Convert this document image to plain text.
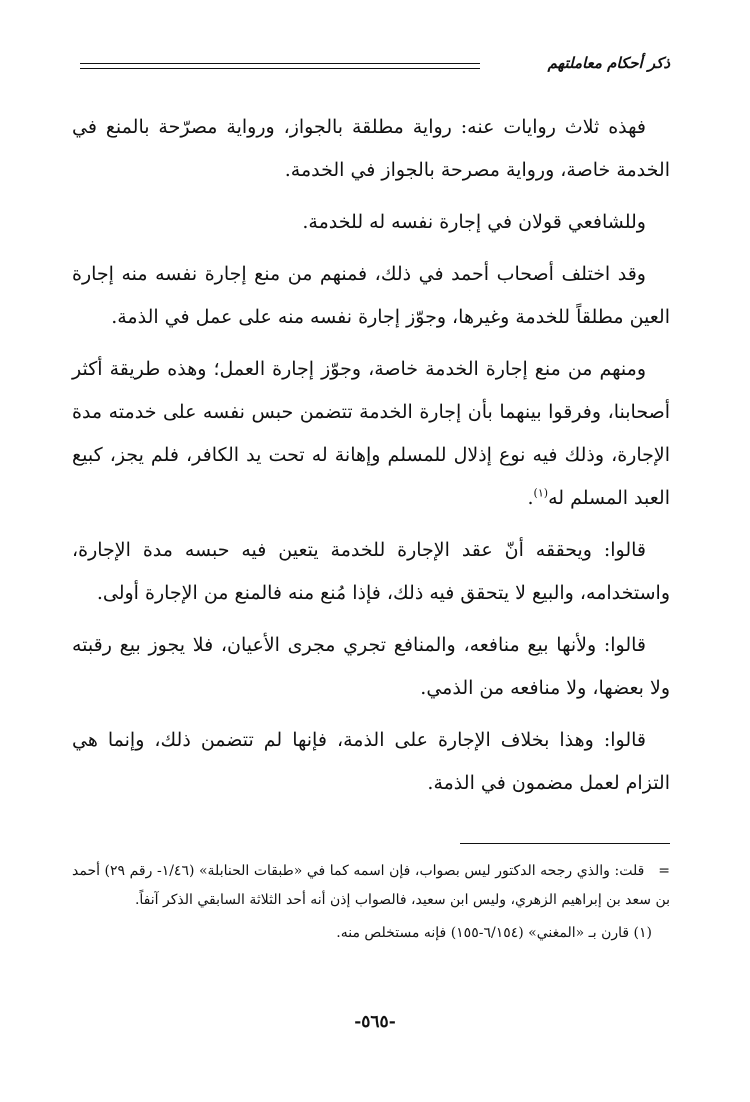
ذكر أحكام معاملتهم

فهذه ثلاث روايات عنه: رواية مطلقة بالجواز، ورواية مصرّحة بالمنع في الخدمة خاصة، ورواية مصرحة بالجواز في الخدمة.

وللشافعي قولان في إجارة نفسه له للخدمة.

وقد اختلف أصحاب أحمد في ذلك، فمنهم من منع إجارة نفسه منه إجارة العين مطلقاً للخدمة وغيرها، وجوّز إجارة نفسه منه على عمل في الذمة.

ومنهم من منع إجارة الخدمة خاصة، وجوّز إجارة العمل؛ وهذه طريقة أكثر أصحابنا، وفرقوا بينهما بأن إجارة الخدمة تتضمن حبس نفسه على خدمته مدة الإجارة، وذلك فيه نوع إذلال للمسلم وإهانة له تحت يد الكافر، فلم يجز، كبيع العبد المسلم له$^{(١)}$.

قالوا: ويحققه أنّ عقد الإجارة للخدمة يتعين فيه حبسه مدة الإجارة، واستخدامه، والبيع لا يتحقق فيه ذلك، فإذا مُنع منه فالمنع من الإجارة أولى.

قالوا: ولأنها بيع منافعه، والمنافع تجري مجرى الأعيان، فلا يجوز بيع رقبته ولا بعضها، ولا منافعه من الذمي.

قالوا: وهذا بخلاف الإجارة على الذمة، فإنها لم تتضمن ذلك، وإنما هي التزام لعمل مضمون في الذمة.

=قلت: والذي رجحه الدكتور ليس بصواب، فإن اسمه كما في «طبقات الحنابلة» (١/٤٦- رقم ٢٩) أحمد بن سعد بن إبراهيم الزهري، وليس ابن سعيد، فالصواب إذن أنه أحد الثلاثة السابقي الذكر آنفاً.

(١) قارن بـ «المغني» (٦/١٥٤-١٥٥) فإنه مستخلص منه.

-٥٦٥-
